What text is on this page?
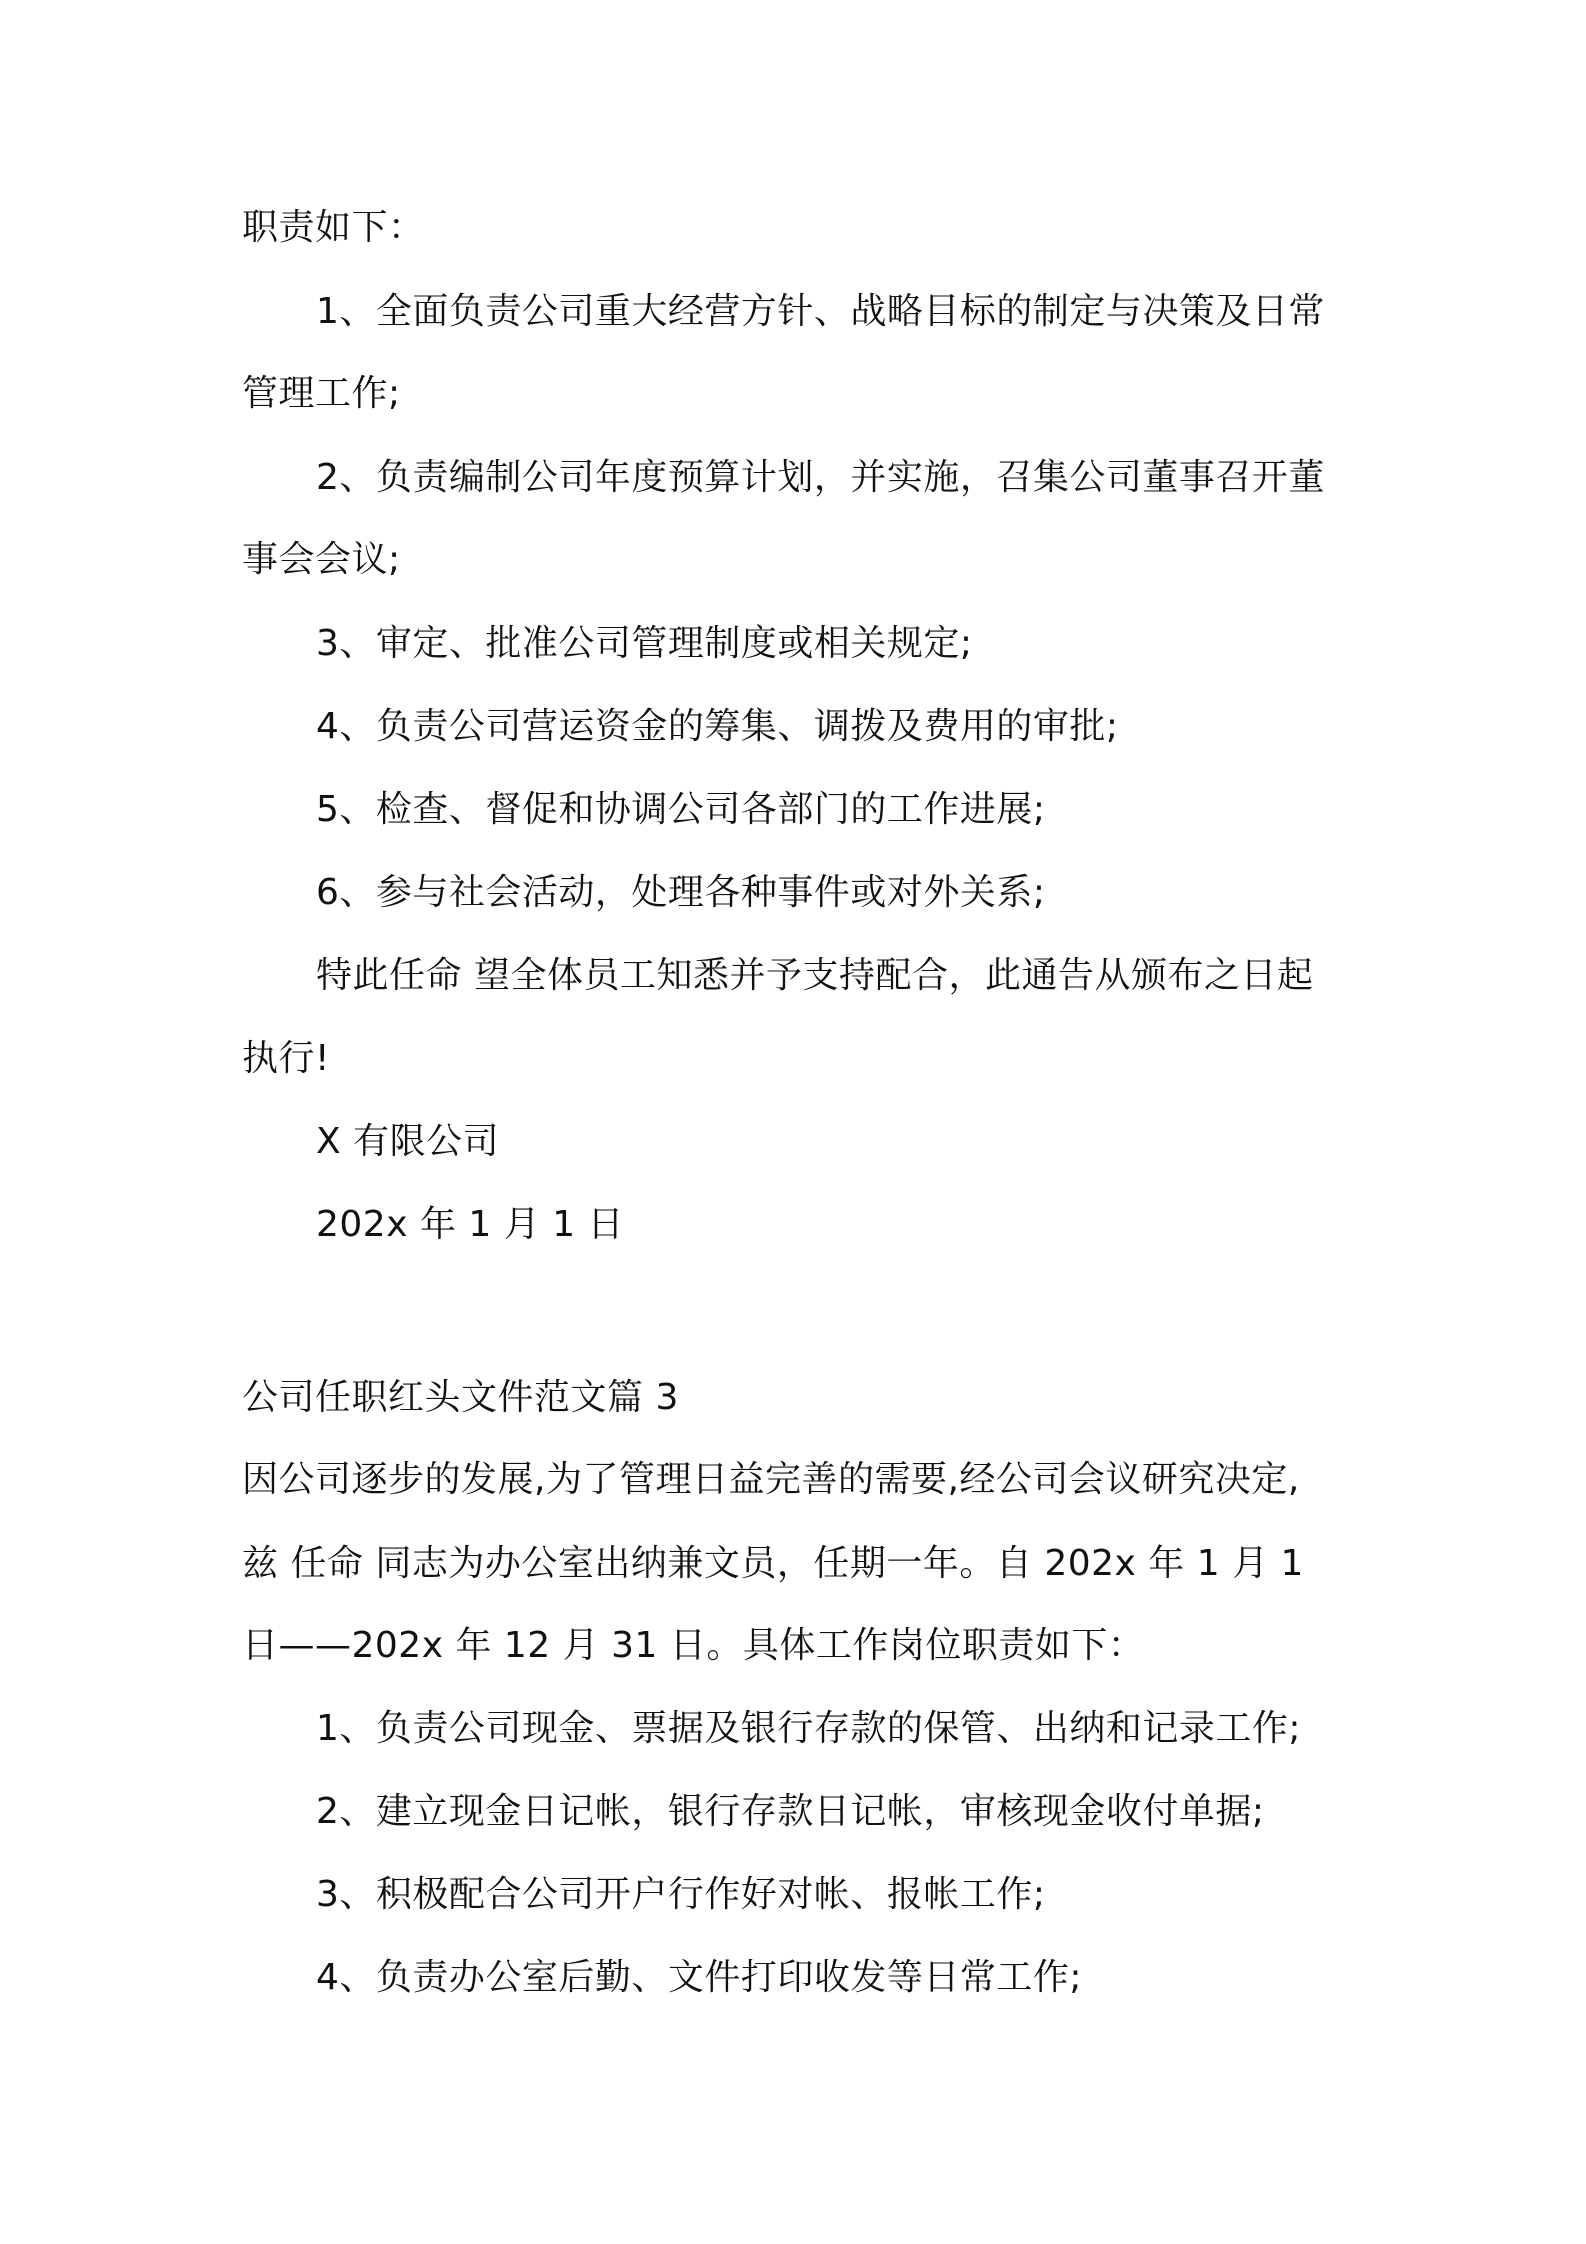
职责如下：
1、全面负责公司重大经营方针、战略目标的制定与决策及日常
管理工作;
2、负责编制公司年度预算计划，并实施，召集公司董事召开董
事会会议;
3、审定、批准公司管理制度或相关规定;
4、负责公司营运资金的筹集、调拨及费用的审批;
5、检查、督促和协调公司各部门的工作进展;
6、参与社会活动，处理各种事件或对外关系;
特此任命 望全体员工知悉并予支持配合，此通告从颁布之日起
执行!
X 有限公司
202x 年 1 月 1 日
公司任职红头文件范文篇 3
因公司逐步的发展,为了管理日益完善的需要,经公司会议研究决定,
兹 任命 同志为办公室出纳兼文员，任期一年。自 202x 年 1 月 1
日——202x 年 12 月 31 日。具体工作岗位职责如下：
1、负责公司现金、票据及银行存款的保管、出纳和记录工作;
2、建立现金日记帐，银行存款日记帐，审核现金收付单据;
3、积极配合公司开户行作好对帐、报帐工作;
4、负责办公室后勤、文件打印收发等日常工作;
